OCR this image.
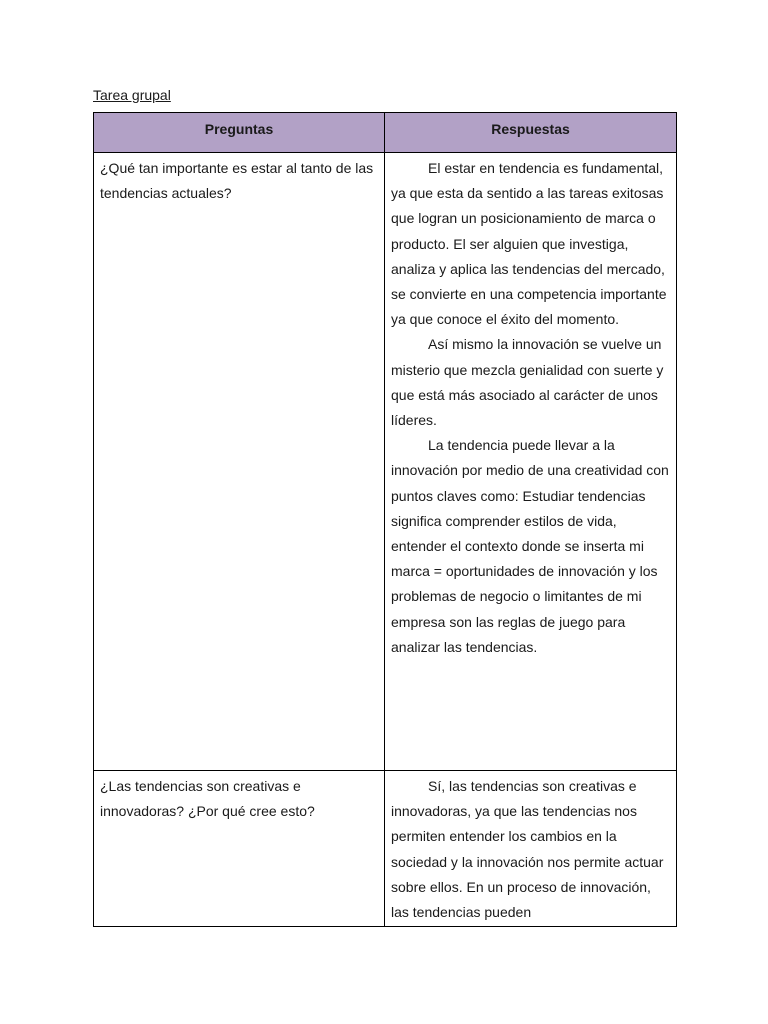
Tarea grupal
Preguntas	Respuestas

¿Qué tan importante es estar al tanto de las tendencias actuales?	El estar en tendencia es fundamental, ya que esta da sentido a las tareas exitosas que logran un posicionamiento de marca o producto. El ser alguien que investiga, analiza y aplica las tendencias del mercado, se convierte en una competencia importante ya que conoce el éxito del momento.

Así mismo la innovación se vuelve un misterio que mezcla genialidad con suerte y que está más asociado al carácter de unos líderes.

La tendencia puede llevar a la innovación por medio de una creatividad con puntos claves como: Estudiar tendencias significa comprender estilos de vida, entender el contexto donde se inserta mi marca = oportunidades de innovación y los problemas de negocio o limitantes de mi empresa son las reglas de juego para analizar las tendencias.

¿Las tendencias son creativas e innovadoras? ¿Por qué cree esto?	Sí, las tendencias son creativas e innovadoras, ya que las tendencias nos permiten entender los cambios en la sociedad y la innovación nos permite actuar sobre ellos. En un proceso de innovación, las tendencias pueden
